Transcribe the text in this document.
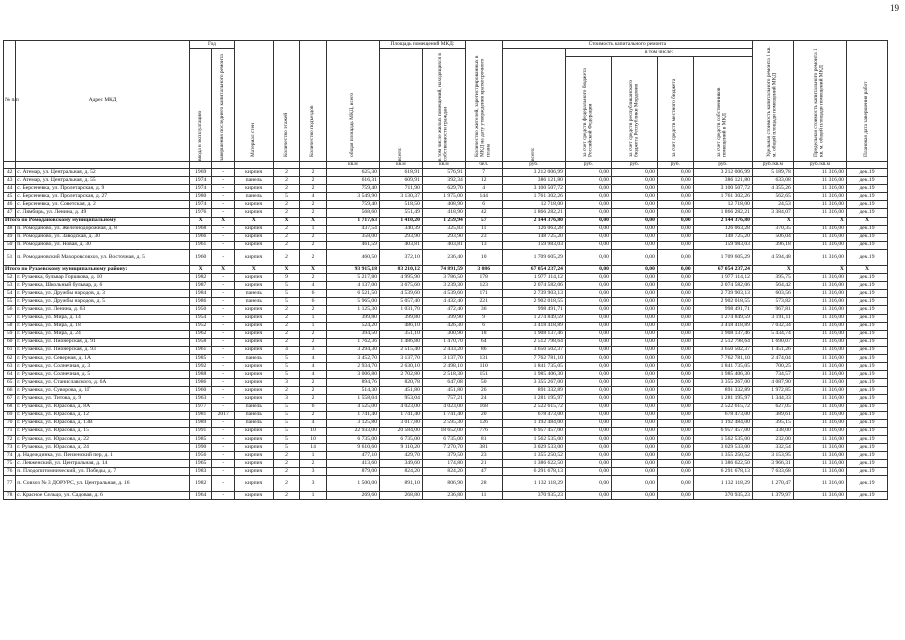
19
№ п/п	Адрес МКД	Год		Материал стен	Количество этажей	Количество подъездов	общая площадь МКД, всего	Площадь помещений МКД:		Количество жителей, зарегистрированных в МКД на дату утверждения краткосрочного плана	Стоимость капитального ремонта					Удельная стоимость капитального ремонта 1 кв. м. общей площади помещений МКД	Предельная стоимость капитального ремонта 1 кв. м. общей площади помещений МКД	Плановая дата завершения работ

		ввода в эксплуатацию	завершения последнего капитального ремонта					всего:	в том числе жилых помещений, находящихся в собственности граждан		всего:	в том числе:						

												за счет средств федерального бюджета Российской Федерации	за счет средств республиканского бюджета Республики Мордовия	за счет средств местного бюджета	за счет средств собственников помещений в МКД			

							кв.м	кв.м	кв.м	чел.	руб.	руб.	руб.	руб.	руб.	руб./кв.м	руб./кв.м	
42	с. Атемар, ул. Центральная, д. 52	1969	-	кирпич	2	2	625,30	618,91	576,91	7	3 212 006,99	0,00	0,00	0,00	3 212 006,99	5 189,78	11 316,00	дек.19
43	с. Атемар, ул. Центральная, д. 55	1974	-	панель	2	2	616,31	609,91	392,34	12	386 121,80	0,00	0,00	0,00	386 121,80	633,08	11 316,00	дек.19
44	с. Берсеневка, ул. Пролетарская, д. 9	1974	-	кирпич	2	2	759,40	711,90	629,70	4	3 100 507,72	0,00	0,00	0,00	3 100 507,72	4 355,26	11 316,00	дек.19
45	с. Берсеневка, ул. Пролетарская, д. 27	1980	-	панель	5	4	3 549,90	3 130,37	1 975,00	144	1 761 302,26	0,00	0,00	0,00	1 761 302,26	562,65	11 316,00	дек.19
46	с. Берсеневка, ул. Советская, д. 2	1974	-	кирпич	2	2	759,40	518,50	408,90	6	12 718,00	0,00	0,00	0,00	12 718,00	24,53	11 316,00	дек.19
47	с. Лямбирь, ул. Ленина, д. 49	1976	-	кирпич	2	2	568,60	551,49	418,90	42	1 866 282,21	0,00	0,00	0,00	1 866 282,21	3 384,07	11 316,00	дек.19
Итого по Ромодановскому муниципальному		X	X	X	X	X	1 717,63	1 410,20	1 259,94	57	2 144 376,80	0,00	0,00	0,00	2 144 376,80	X	X	X
48	п. Ромоданово, ул. Железнодорожная, д. 8	1968	-	кирпич	2	1	437,54	340,39	325,83	11	126 063,28	0,00	0,00	0,00	126 063,28	370,35	11 316,00	дек.19
49	п. Ромоданово, ул. Заводская, д. 30	1966	-	кирпич	2	2	358,00	293,90	293,90	23	148 725,20	0,00	0,00	0,00	148 725,20	506,04	11 316,00	дек.19
50	п. Ромоданово, ул. Новая, д. 30	1961	-	кирпич	2	2	461,59	403,81	403,81	13	159 983,03	0,00	0,00	0,00	159 983,03	396,18	11 316,00	дек.19
51	п. Ромодановский Махоровсовхоз, ул. Восточная, д. 5	1960	-	кирпич	2	2	460,50	372,10	236,40	10	1 709 605,29	0,00	0,00	0,00	1 709 605,29	4 594,48	11 316,00	дек.19
Итого по Рузаевскому муниципальному району:		X	X	X	X	X	93 915,18	83 210,12	74 891,59	3 086	67 054 237,24	0,00	0,00	0,00	67 054 237,24	X	X	X
52	г. Рузаевка, бульвар Горшкова, д. 10	1982	-	кирпич	9	2	5 217,80	4 995,90	3 786,50	178	1 977 114,12	0,00	0,00	0,00	1 977 114,12	395,75	11 316,00	дек.19
53	г. Рузаевка, Школьный бульвар, д. 6	1987	-	кирпич	5	4	4 137,00	3 675,60	3 239,30	123	2 074 582,06	0,00	0,00	0,00	2 074 582,06	564,42	11 316,00	дек.19
54	г. Рузаевка, ул. Дружбы народов, д. 3	1984	-	панель	5	6	6 521,50	4 539,60	4 539,60	171	2 739 903,13	0,00	0,00	0,00	2 739 903,13	603,56	11 316,00	дек.19
55	г. Рузаевка, ул. Дружбы народов, д. 5	1986	-	панель	5	6	5 965,00	5 057,40	4 432,40	221	2 902 018,55	0,00	0,00	0,00	2 902 018,55	573,82	11 316,00	дек.19
56	г. Рузаевка, ул. Ленина, д. 63	1950	-	кирпич	2	2	1 125,30	1 031,70	472,40	36	998 491,71	0,00	0,00	0,00	998 491,71	967,81	11 316,00	дек.19
57	г. Рузаевка, ул. Мира, д. 14	1954	-	кирпич	2	1	399,80	399,80	399,90	9	1 274 849,59	0,00	0,00	0,00	1 274 849,59	3 191,11	11 316,00	дек.19
58	г. Рузаевка, ул. Мира, д. 18	1952	-	кирпич	2	1	524,20	486,10	426,30	6	3 418 418,89	0,00	0,00	0,00	3 418 418,89	7 032,34	11 316,00	дек.19
59	г. Рузаевка, ул. Мира, д. 24	1962	-	кирпич	2	2	394,50	351,10	300,90	18	1 908 137,46	0,00	0,00	0,00	1 908 137,46	5 434,74	11 316,00	дек.19
60	г. Рузаевка, ул. Пионерская, д. 91	1958	-	кирпич	2	2	1 762,36	1 486,80	1 470,70	64	2 512 798,64	0,00	0,00	0,00	2 512 798,64	1 690,07	11 316,00	дек.19
61	г. Рузаевка, ул. Пионерская, д. 93	1961	-	кирпич	4	3	3 294,30	2 515,40	2 433,20	86	3 650 502,37	0,00	0,00	0,00	3 650 502,37	1 451,26	11 316,00	дек.19
62	г. Рузаевка, ул. Северная, д. 1А	1985	-	панель	5	4	3 452,70	3 137,70	3 137,70	131	7 762 781,10	0,00	0,00	0,00	7 762 781,10	2 474,04	11 316,00	дек.19
63	г. Рузаевка, ул. Солнечная, д. 3	1992	-	кирпич	5	4	2 934,70	2 630,10	2 498,10	110	1 841 735,05	0,00	0,00	0,00	1 841 735,05	700,25	11 316,00	дек.19
64	г. Рузаевка, ул. Солнечная, д. 5	1988	-	кирпич	5	4	3 006,80	2 702,80	2 518,30	151	1 985 406,30	0,00	0,00	0,00	1 985 406,30	734,57	11 316,00	дек.19
65	г. Рузаевка, ул. Станиславского, д. 6А	1986	-	кирпич	3	2	894,76	820,78	647,08	50	3 355 267,00	0,00	0,00	0,00	3 355 267,00	4 087,90	11 316,00	дек.19
66	г. Рузаевка, ул. Суворова, д. 1Г	1960	-	кирпич	2	2	514,30	451,80	451,80	26	891 332,89	0,00	0,00	0,00	891 332,89	1 972,85	11 316,00	дек.19
67	г. Рузаевка, ул. Титова, д. 9	1963	-	кирпич	3	2	1 558,04	953,04	757,21	24	1 281 195,97	0,00	0,00	0,00	1 281 195,97	1 344,33	11 316,00	дек.19
68	г. Рузаевка, ул. Юрасова, д. 8А	1977	-	панель	5	6	4 525,00	4 023,00	4 023,00	168	2 522 615,72	0,00	0,00	0,00	2 522 615,72	627,05	11 316,00	дек.19
69	г. Рузаевка, ул. Юрасова, д. 12	1981	2017	панель	5	2	1 741,40	1 741,40	1 741,40	20	678 473,00	0,00	0,00	0,00	678 473,00	389,61	11 316,00	дек.19
70	г. Рузаевка, ул. Юрасова, д. 13В	1989	-	панель	5	4	3 125,80	3 017,80	2 595,30	126	1 192 484,00	0,00	0,00	0,00	1 192 484,00	395,15	11 316,00	дек.19
71	г. Рузаевка, ул. Юрасова, д. 15	1991	-	кирпич	5	10	22 933,00	20 584,00	18 652,00	776	6 957 457,00	0,00	0,00	0,00	6 957 457,00	338,00	11 316,00	дек.19
72	г. Рузаевка, ул. Юрасова, д. 22	1985	-	кирпич	5	10	6 735,00	6 735,00	6 735,00	81	1 562 535,00	0,00	0,00	0,00	1 562 535,00	232,00	11 316,00	дек.19
73	г. Рузаевка, ул. Юрасова, д. 24	1990	-	кирпич	5	14	9 610,60	9 110,20	7 270,70	381	3 029 533,00	0,00	0,00	0,00	3 029 533,00	332,54	11 316,00	дек.19
74	д. Надеждинка, ул. Пензенский пер, д. 1	1956	-	кирпич	2	1	477,10	429,70	379,50	23	1 355 250,52	0,00	0,00	0,00	1 355 250,52	3 153,95	11 316,00	дек.19
75	с. Левженский, ул. Центральная, д. 14	1965	-	кирпич	2	2	413,60	349,60	174,80	21	1 386 622,50	0,00	0,00	0,00	1 386 622,50	3 966,31	11 316,00	дек.19
76	п. Плодопитомнический, ул. Победы, д. 7	1983	-	кирпич	2	3	879,00	824,20	824,20	47	6 291 678,13	0,00	0,00	0,00	6 291 678,13	7 633,68	11 316,00	дек.19
77	п. Совхоз № 3 ДОРУРС, ул. Центральная, д. 16	1982	-	кирпич	2	3	1 500,00	891,10	806,90	28	1 132 118,29	0,00	0,00	0,00	1 132 118,29	1 270,47	11 316,00	дек.19
78	с. Красное Сельцо, ул. Садовая, д. 6	1964	-	кирпич	2	1	269,60	268,80	236,80	11	370 935,23	0,00	0,00	0,00	370 935,23	1 379,97	11 316,00	дек.19
